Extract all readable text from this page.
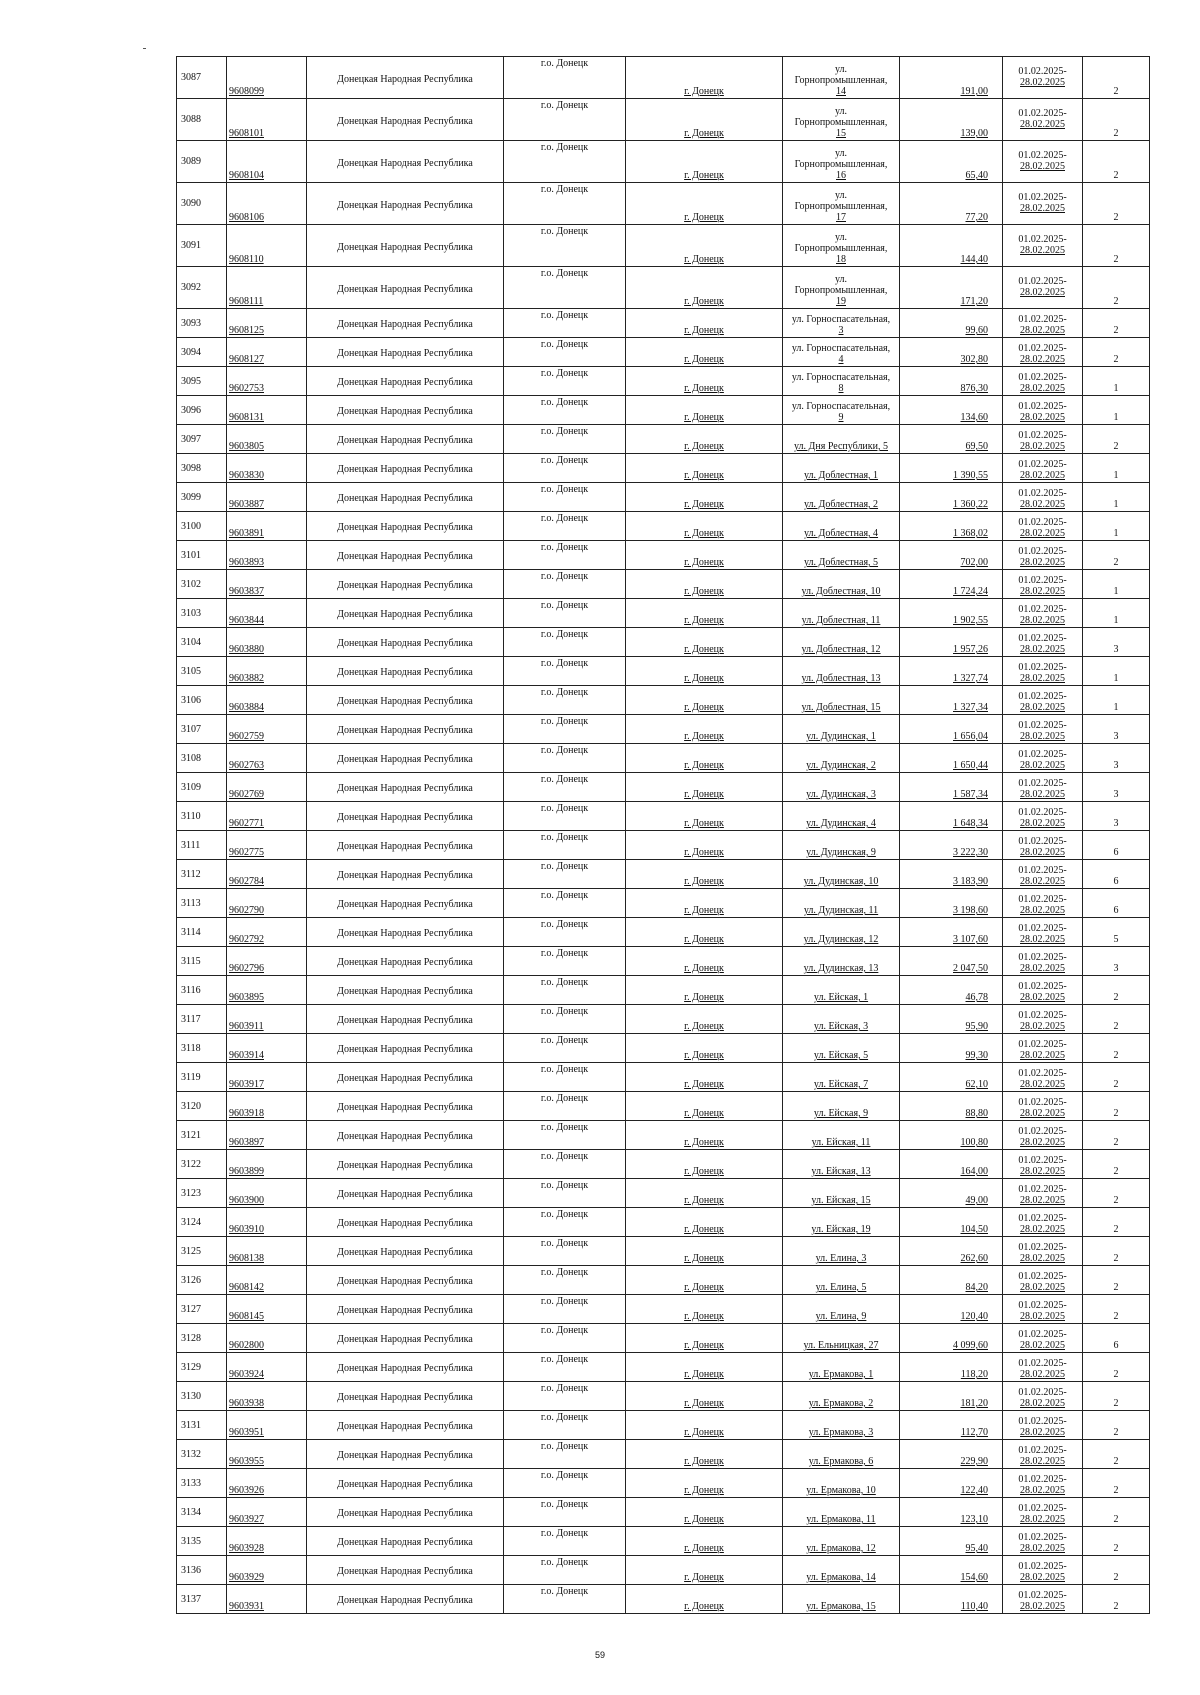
3087	9608099	Донецкая Народная Республика	г.о. Донецк	г. Донецк	ул.
Горнопромышленная,
14	191,00	01.02.2025-
28.02.2025	2
3088	9608101	Донецкая Народная Республика	г.о. Донецк	г. Донецк	ул.
Горнопромышленная,
15	139,00	01.02.2025-
28.02.2025	2
3089	9608104	Донецкая Народная Республика	г.о. Донецк	г. Донецк	ул.
Горнопромышленная,
16	65,40	01.02.2025-
28.02.2025	2
3090	9608106	Донецкая Народная Республика	г.о. Донецк	г. Донецк	ул.
Горнопромышленная,
17	77,20	01.02.2025-
28.02.2025	2
3091	9608110	Донецкая Народная Республика	г.о. Донецк	г. Донецк	ул.
Горнопромышленная,
18	144,40	01.02.2025-
28.02.2025	2
3092	9608111	Донецкая Народная Республика	г.о. Донецк	г. Донецк	ул.
Горнопромышленная,
19	171,20	01.02.2025-
28.02.2025	2
3093	9608125	Донецкая Народная Республика	г.о. Донецк	г. Донецк	ул. Горноспасательная,
3	99,60	01.02.2025-
28.02.2025	2
3094	9608127	Донецкая Народная Республика	г.о. Донецк	г. Донецк	ул. Горноспасательная,
4	302,80	01.02.2025-
28.02.2025	2
3095	9602753	Донецкая Народная Республика	г.о. Донецк	г. Донецк	ул. Горноспасательная,
8	876,30	01.02.2025-
28.02.2025	1
3096	9608131	Донецкая Народная Республика	г.о. Донецк	г. Донецк	ул. Горноспасательная,
9	134,60	01.02.2025-
28.02.2025	1
3097	9603805	Донецкая Народная Республика	г.о. Донецк	г. Донецк	ул. Дня Республики, 5	69,50	01.02.2025-
28.02.2025	2
3098	9603830	Донецкая Народная Республика	г.о. Донецк	г. Донецк	ул. Доблестная, 1	1 390,55	01.02.2025-
28.02.2025	1
3099	9603887	Донецкая Народная Республика	г.о. Донецк	г. Донецк	ул. Доблестная, 2	1 360,22	01.02.2025-
28.02.2025	1
3100	9603891	Донецкая Народная Республика	г.о. Донецк	г. Донецк	ул. Доблестная, 4	1 368,02	01.02.2025-
28.02.2025	1
3101	9603893	Донецкая Народная Республика	г.о. Донецк	г. Донецк	ул. Доблестная, 5	702,00	01.02.2025-
28.02.2025	2
3102	9603837	Донецкая Народная Республика	г.о. Донецк	г. Донецк	ул. Доблестная, 10	1 724,24	01.02.2025-
28.02.2025	1
3103	9603844	Донецкая Народная Республика	г.о. Донецк	г. Донецк	ул. Доблестная, 11	1 902,55	01.02.2025-
28.02.2025	1
3104	9603880	Донецкая Народная Республика	г.о. Донецк	г. Донецк	ул. Доблестная, 12	1 957,26	01.02.2025-
28.02.2025	3
3105	9603882	Донецкая Народная Республика	г.о. Донецк	г. Донецк	ул. Доблестная, 13	1 327,74	01.02.2025-
28.02.2025	1
3106	9603884	Донецкая Народная Республика	г.о. Донецк	г. Донецк	ул. Доблестная, 15	1 327,34	01.02.2025-
28.02.2025	1
3107	9602759	Донецкая Народная Республика	г.о. Донецк	г. Донецк	ул. Дудинская, 1	1 656,04	01.02.2025-
28.02.2025	3
3108	9602763	Донецкая Народная Республика	г.о. Донецк	г. Донецк	ул. Дудинская, 2	1 650,44	01.02.2025-
28.02.2025	3
3109	9602769	Донецкая Народная Республика	г.о. Донецк	г. Донецк	ул. Дудинская, 3	1 587,34	01.02.2025-
28.02.2025	3
3110	9602771	Донецкая Народная Республика	г.о. Донецк	г. Донецк	ул. Дудинская, 4	1 648,34	01.02.2025-
28.02.2025	3
3111	9602775	Донецкая Народная Республика	г.о. Донецк	г. Донецк	ул. Дудинская, 9	3 222,30	01.02.2025-
28.02.2025	6
3112	9602784	Донецкая Народная Республика	г.о. Донецк	г. Донецк	ул. Дудинская, 10	3 183,90	01.02.2025-
28.02.2025	6
3113	9602790	Донецкая Народная Республика	г.о. Донецк	г. Донецк	ул. Дудинская, 11	3 198,60	01.02.2025-
28.02.2025	6
3114	9602792	Донецкая Народная Республика	г.о. Донецк	г. Донецк	ул. Дудинская, 12	3 107,60	01.02.2025-
28.02.2025	5
3115	9602796	Донецкая Народная Республика	г.о. Донецк	г. Донецк	ул. Дудинская, 13	2 047,50	01.02.2025-
28.02.2025	3
3116	9603895	Донецкая Народная Республика	г.о. Донецк	г. Донецк	ул. Ейская, 1	46,78	01.02.2025-
28.02.2025	2
3117	9603911	Донецкая Народная Республика	г.о. Донецк	г. Донецк	ул. Ейская, 3	95,90	01.02.2025-
28.02.2025	2
3118	9603914	Донецкая Народная Республика	г.о. Донецк	г. Донецк	ул. Ейская, 5	99,30	01.02.2025-
28.02.2025	2
3119	9603917	Донецкая Народная Республика	г.о. Донецк	г. Донецк	ул. Ейская, 7	62,10	01.02.2025-
28.02.2025	2
3120	9603918	Донецкая Народная Республика	г.о. Донецк	г. Донецк	ул. Ейская, 9	88,80	01.02.2025-
28.02.2025	2
3121	9603897	Донецкая Народная Республика	г.о. Донецк	г. Донецк	ул. Ейская, 11	100,80	01.02.2025-
28.02.2025	2
3122	9603899	Донецкая Народная Республика	г.о. Донецк	г. Донецк	ул. Ейская, 13	164,00	01.02.2025-
28.02.2025	2
3123	9603900	Донецкая Народная Республика	г.о. Донецк	г. Донецк	ул. Ейская, 15	49,00	01.02.2025-
28.02.2025	2
3124	9603910	Донецкая Народная Республика	г.о. Донецк	г. Донецк	ул. Ейская, 19	104,50	01.02.2025-
28.02.2025	2
3125	9608138	Донецкая Народная Республика	г.о. Донецк	г. Донецк	ул. Елина, 3	262,60	01.02.2025-
28.02.2025	2
3126	9608142	Донецкая Народная Республика	г.о. Донецк	г. Донецк	ул. Елина, 5	84,20	01.02.2025-
28.02.2025	2
3127	9608145	Донецкая Народная Республика	г.о. Донецк	г. Донецк	ул. Елина, 9	120,40	01.02.2025-
28.02.2025	2
3128	9602800	Донецкая Народная Республика	г.о. Донецк	г. Донецк	ул. Ельницкая, 27	4 099,60	01.02.2025-
28.02.2025	6
3129	9603924	Донецкая Народная Республика	г.о. Донецк	г. Донецк	ул. Ермакова, 1	118,20	01.02.2025-
28.02.2025	2
3130	9603938	Донецкая Народная Республика	г.о. Донецк	г. Донецк	ул. Ермакова, 2	181,20	01.02.2025-
28.02.2025	2
3131	9603951	Донецкая Народная Республика	г.о. Донецк	г. Донецк	ул. Ермакова, 3	112,70	01.02.2025-
28.02.2025	2
3132	9603955	Донецкая Народная Республика	г.о. Донецк	г. Донецк	ул. Ермакова, 6	229,90	01.02.2025-
28.02.2025	2
3133	9603926	Донецкая Народная Республика	г.о. Донецк	г. Донецк	ул. Ермакова, 10	122,40	01.02.2025-
28.02.2025	2
3134	9603927	Донецкая Народная Республика	г.о. Донецк	г. Донецк	ул. Ермакова, 11	123,10	01.02.2025-
28.02.2025	2
3135	9603928	Донецкая Народная Республика	г.о. Донецк	г. Донецк	ул. Ермакова, 12	95,40	01.02.2025-
28.02.2025	2
3136	9603929	Донецкая Народная Республика	г.о. Донецк	г. Донецк	ул. Ермакова, 14	154,60	01.02.2025-
28.02.2025	2
3137	9603931	Донецкая Народная Республика	г.о. Донецк	г. Донецк	ул. Ермакова, 15	110,40	01.02.2025-
28.02.2025	2
59
